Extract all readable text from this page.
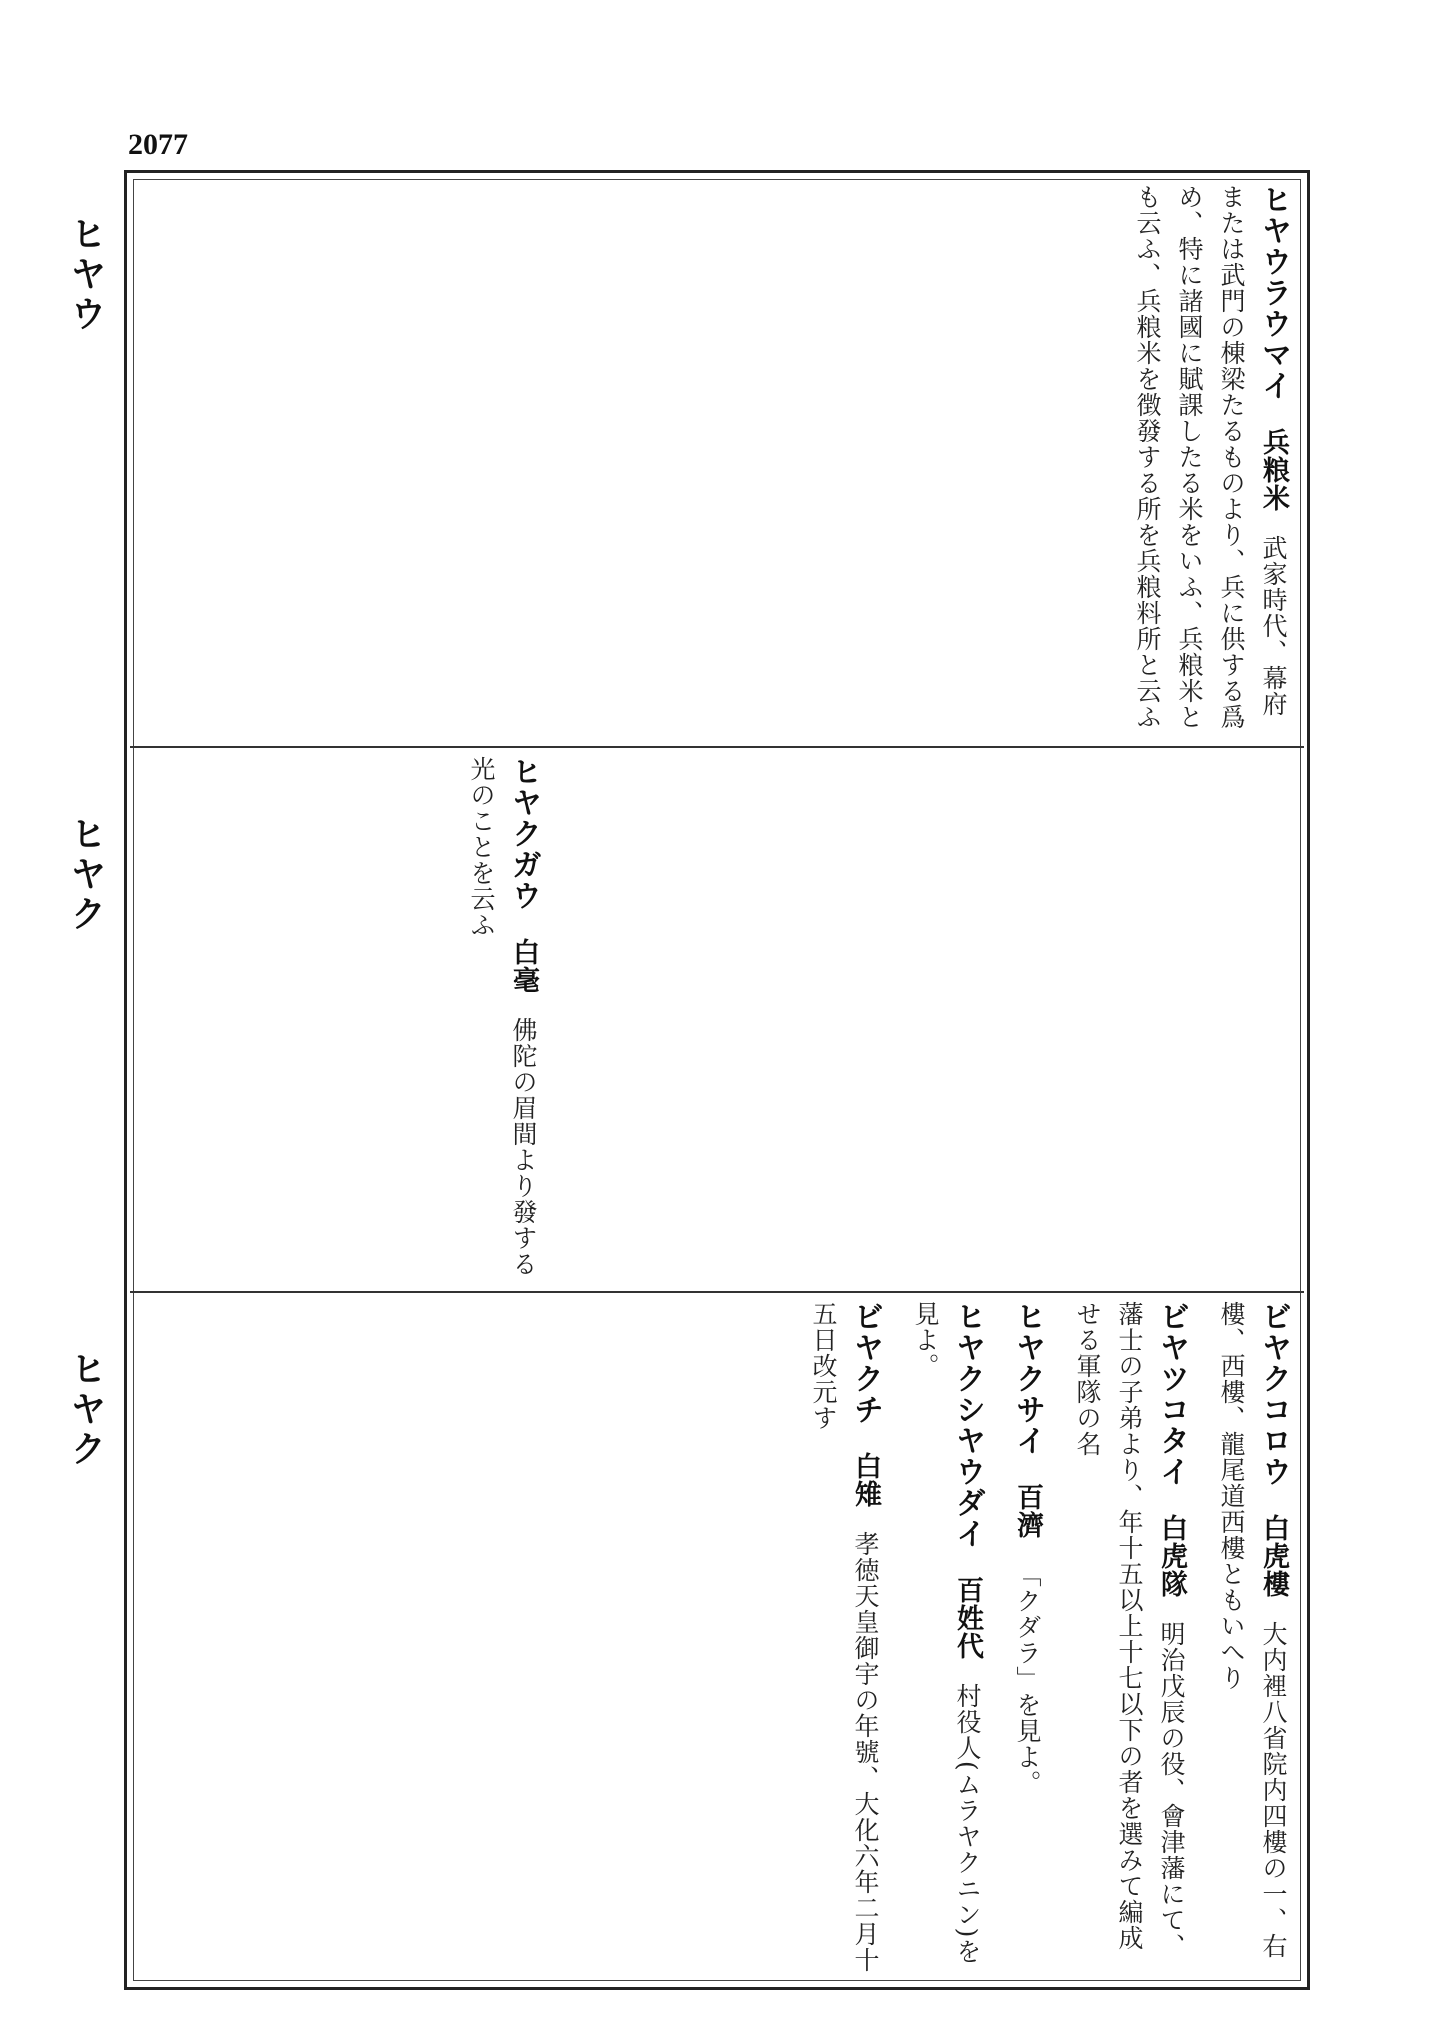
2077
ヒヤウ
ヒヤク
ヒヤク
ヒヤウラウマイ 兵粮米 武家時代、幕府または武門の棟梁たるものより、兵に供する爲め、特に諸國に賦課したる米をいふ、兵粮米とも云ふ、兵粮米を徴發する所を兵粮料所と云ふ
ヒヤクガウ 白毫 佛陀の眉間より發する光のことを云ふ
ビヤクコロウ 白虎樓 大内裡八省院内四樓の一、右樓、西樓、龍尾道西樓ともいへり
ビヤツコタイ 白虎隊 明治戊辰の役、會津藩にて、藩士の子弟より、年十五以上十七以下の者を選みて編成せる軍隊の名
ヒヤクサイ 百濟 「クダラ」を見よ。
ヒヤクシヤウダイ 百姓代 村役人(ムラヤクニン)を見よ。
ビヤクチ 白雉 孝徳天皇御宇の年號、大化六年二月十五日改元す
